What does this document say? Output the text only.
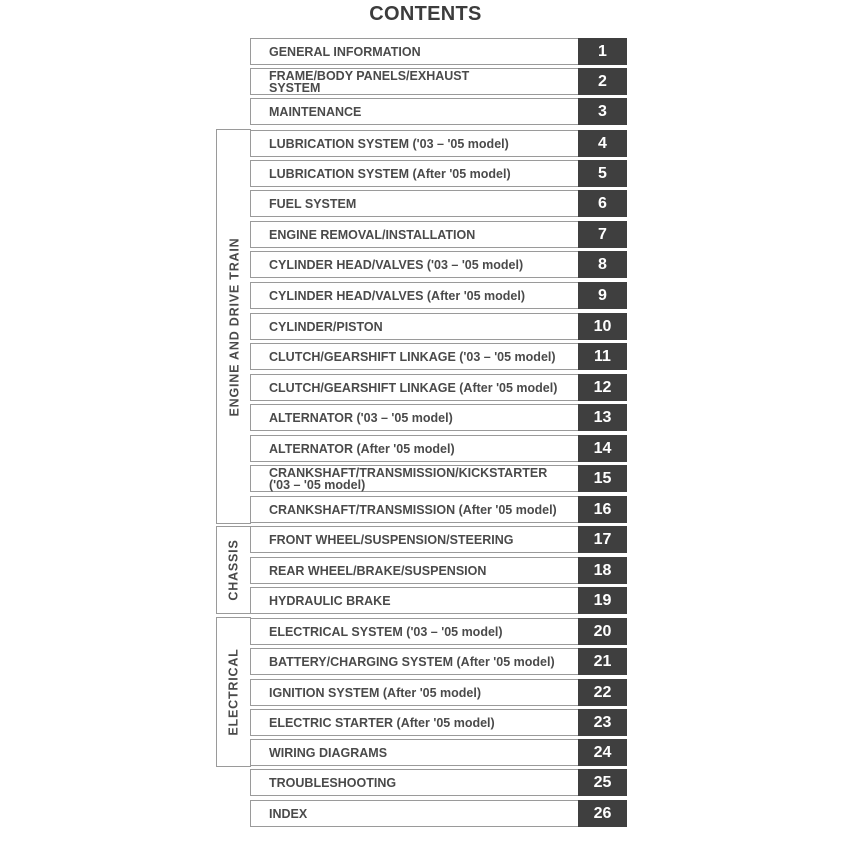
CONTENTS
ENGINE AND DRIVE TRAIN
CHASSIS
ELECTRICAL
GENERAL INFORMATION	1
FRAME/BODY PANELS/EXHAUST
SYSTEM	2
MAINTENANCE	3
LUBRICATION SYSTEM ('03 – '05 model)	4
LUBRICATION SYSTEM (After '05 model)	5
FUEL SYSTEM	6
ENGINE REMOVAL/INSTALLATION	7
CYLINDER HEAD/VALVES ('03 – '05 model)	8
CYLINDER HEAD/VALVES (After '05 model)	9
CYLINDER/PISTON	10
CLUTCH/GEARSHIFT LINKAGE ('03 – '05 model)	11
CLUTCH/GEARSHIFT LINKAGE (After '05 model)	12
ALTERNATOR ('03 – '05 model)	13
ALTERNATOR (After '05 model)	14
CRANKSHAFT/TRANSMISSION/KICKSTARTER
('03 – '05 model)	15
CRANKSHAFT/TRANSMISSION (After '05 model)	16
FRONT WHEEL/SUSPENSION/STEERING	17
REAR WHEEL/BRAKE/SUSPENSION	18
HYDRAULIC BRAKE	19
ELECTRICAL SYSTEM ('03 – '05 model)	20
BATTERY/CHARGING SYSTEM (After '05 model)	21
IGNITION SYSTEM (After '05 model)	22
ELECTRIC STARTER (After '05 model)	23
WIRING DIAGRAMS	24
TROUBLESHOOTING	25
INDEX	26
